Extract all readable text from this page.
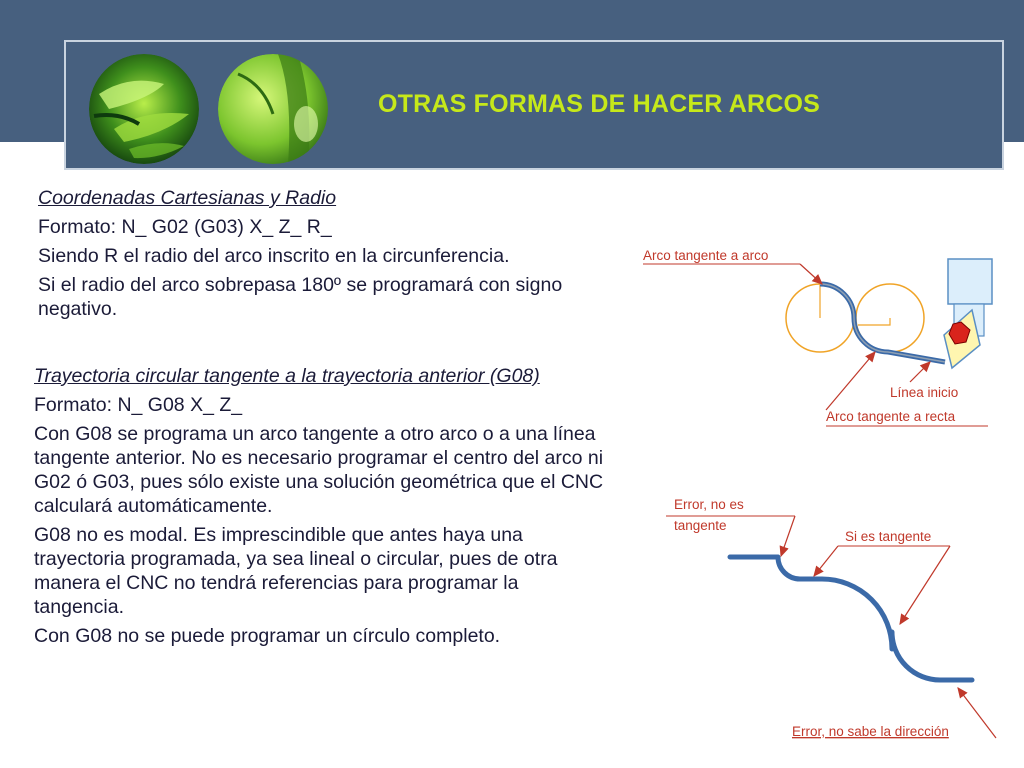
OTRAS FORMAS DE HACER ARCOS

Coordenadas Cartesianas y Radio

Formato: N_ G02 (G03) X_ Z_ R_

Siendo R el radio del arco inscrito en la circunferencia.

Si el radio del arco sobrepasa 180º se programará con signo negativo.

Trayectoria circular tangente a la trayectoria anterior (G08)

Formato: N_ G08 X_ Z_

Con G08 se programa un arco tangente a otro arco o a una línea tangente anterior. No es necesario programar el centro del arco ni G02 ó G03, pues sólo existe una solución geométrica que el CNC calculará automáticamente.

G08 no es modal. Es imprescindible que antes haya una trayectoria programada, ya sea lineal o circular, pues de otra manera el CNC no tendrá referencias para programar la tangencia.

Con G08 no se puede programar un círculo completo.

Arco tangente a arco
Línea inicio
Arco tangente a recta
Error, no es
tangente
Si es tangente
Error, no sabe la dirección
